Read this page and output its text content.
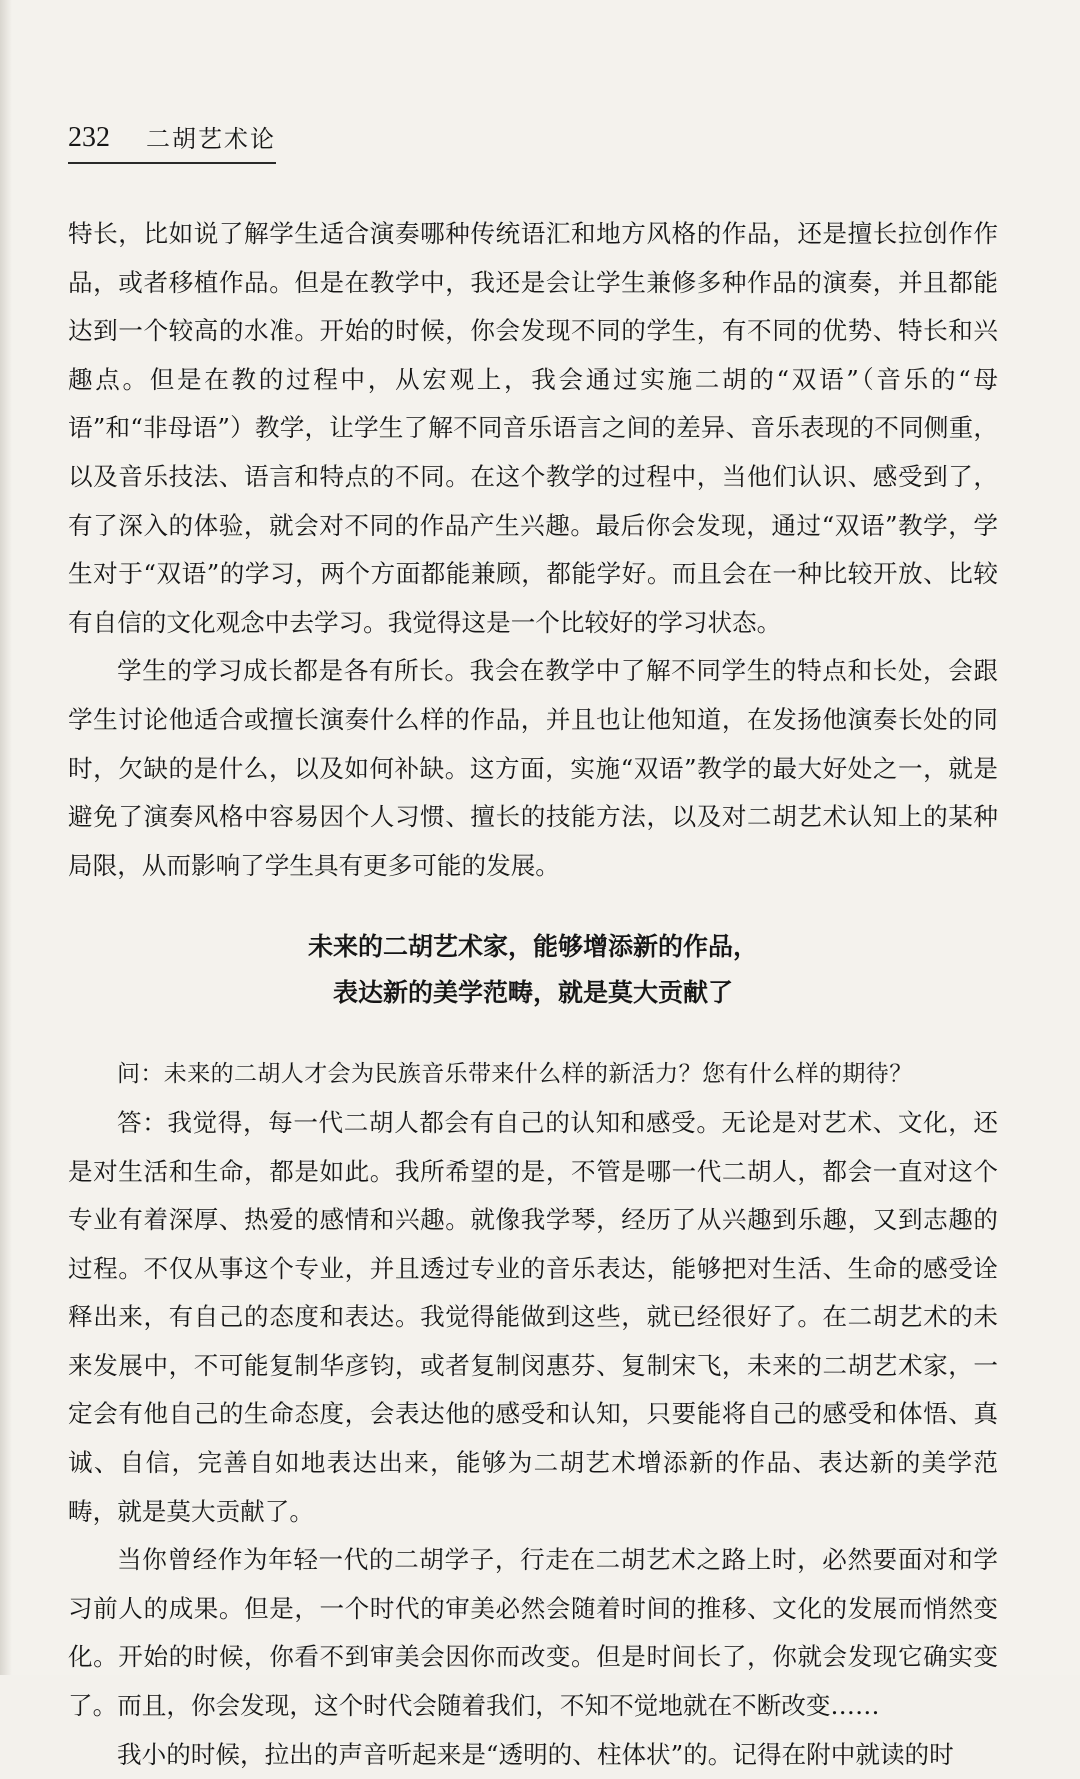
232 二胡艺术论

特长，比如说了解学生适合演奏哪种传统语汇和地方风格的作品，还是擅长拉创作作品，或者移植作品。但是在教学中，我还是会让学生兼修多种作品的演奏，并且都能达到一个较高的水准。开始的时候，你会发现不同的学生，有不同的优势、特长和兴趣点。但是在教的过程中，从宏观上，我会通过实施二胡的“双语”（音乐的“母语”和“非母语”）教学，让学生了解不同音乐语言之间的差异、音乐表现的不同侧重，以及音乐技法、语言和特点的不同。在这个教学的过程中，当他们认识、感受到了，有了深入的体验，就会对不同的作品产生兴趣。最后你会发现，通过“双语”教学，学生对于“双语”的学习，两个方面都能兼顾，都能学好。而且会在一种比较开放、比较有自信的文化观念中去学习。我觉得这是一个比较好的学习状态。

学生的学习成长都是各有所长。我会在教学中了解不同学生的特点和长处，会跟学生讨论他适合或擅长演奏什么样的作品，并且也让他知道，在发扬他演奏长处的同时，欠缺的是什么，以及如何补缺。这方面，实施“双语”教学的最大好处之一，就是避免了演奏风格中容易因个人习惯、擅长的技能方法，以及对二胡艺术认知上的某种局限，从而影响了学生具有更多可能的发展。

未来的二胡艺术家，能够增添新的作品，
表达新的美学范畴，就是莫大贡献了

问：未来的二胡人才会为民族音乐带来什么样的新活力？您有什么样的期待？

答：我觉得，每一代二胡人都会有自己的认知和感受。无论是对艺术、文化，还是对生活和生命，都是如此。我所希望的是，不管是哪一代二胡人，都会一直对这个专业有着深厚、热爱的感情和兴趣。就像我学琴，经历了从兴趣到乐趣，又到志趣的过程。不仅从事这个专业，并且透过专业的音乐表达，能够把对生活、生命的感受诠释出来，有自己的态度和表达。我觉得能做到这些，就已经很好了。在二胡艺术的未来发展中，不可能复制华彦钧，或者复制闵惠芬、复制宋飞，未来的二胡艺术家，一定会有他自己的生命态度，会表达他的感受和认知，只要能将自己的感受和体悟、真诚、自信，完善自如地表达出来，能够为二胡艺术增添新的作品、表达新的美学范畴，就是莫大贡献了。

当你曾经作为年轻一代的二胡学子，行走在二胡艺术之路上时，必然要面对和学习前人的成果。但是，一个时代的审美必然会随着时间的推移、文化的发展而悄然变化。开始的时候，你看不到审美会因你而改变。但是时间长了，你就会发现它确实变了。而且，你会发现，这个时代会随着我们，不知不觉地就在不断改变……

我小的时候，拉出的声音听起来是“透明的、柱体状”的。记得在附中就读的时
